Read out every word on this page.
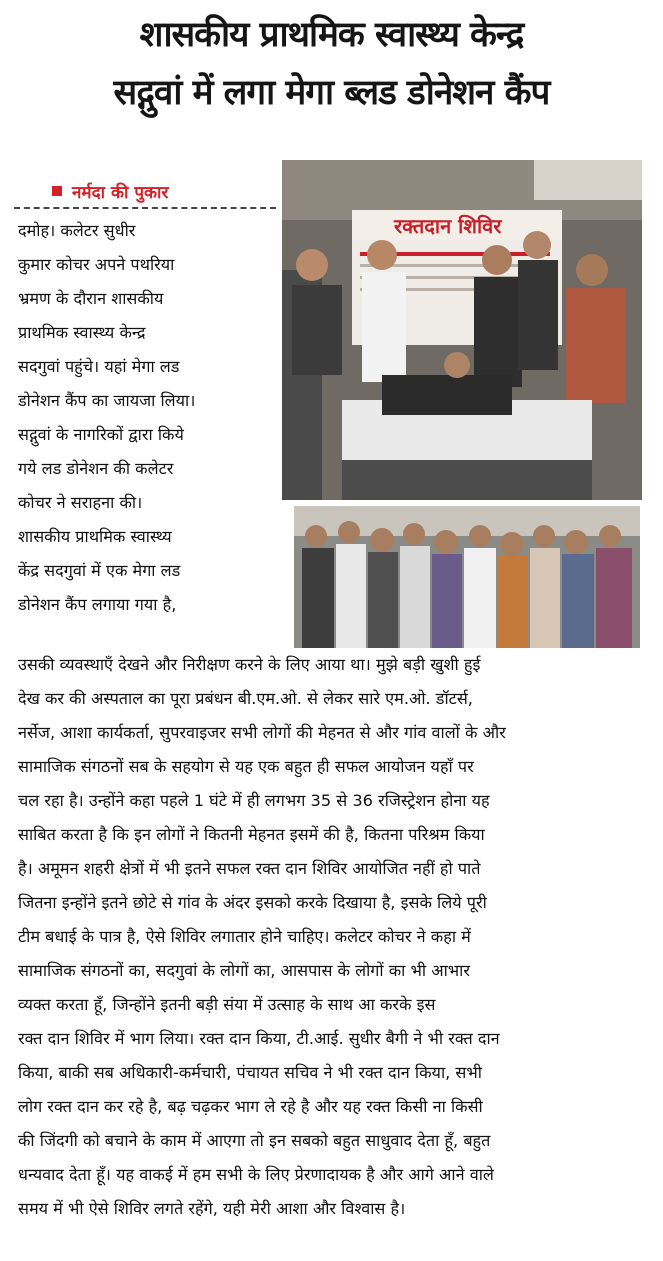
शासकीय प्राथमिक स्वास्थ्य केन्द्र
सद्गुवां में लगा मेगा ब्लड डोनेशन कैंप
नर्मदा की पुकार
दमोह। कलेटर सुधीर
कुमार कोचर अपने पथरिया
भ्रमण के दौरान शासकीय
प्राथमिक स्वास्थ्य केन्द्र
सदगुवां पहुंचे। यहां मेगा लड
डोनेशन कैंप का जायजा लिया।
सद्गुवां के नागरिकों द्वारा किये
गये लड डोनेशन की कलेटर
कोचर ने सराहना की।
शासकीय प्राथमिक स्वास्थ्य
केंद्र सदगुवां में एक मेगा लड
डोनेशन कैंप लगाया गया है,
रक्तदान शिविर
उसकी व्यवस्थाएँ देखने और निरीक्षण करने के लिए आया था। मुझे बड़ी खुशी हुई
देख कर की अस्पताल का पूरा प्रबंधन बी.एम.ओ. से लेकर सारे एम.ओ. डॉटर्स,
नर्सेज, आशा कार्यकर्ता, सुपरवाइजर सभी लोगों की मेहनत से और गांव वालों के और
सामाजिक संगठनों सब के सहयोग से यह एक बहुत ही सफल आयोजन यहाँ पर
चल रहा है। उन्होंने कहा पहले 1 घंटे में ही लगभग 35 से 36 रजिस्ट्रेशन होना यह
साबित करता है कि इन लोगों ने कितनी मेहनत इसमें की है, कितना परिश्रम किया
है। अमूमन शहरी क्षेत्रों में भी इतने सफल रक्त दान शिविर आयोजित नहीं हो पाते
जितना इन्होंने इतने छोटे से गांव के अंदर इसको करके दिखाया है, इसके लिये पूरी
टीम बधाई के पात्र है, ऐसे शिविर लगातार होने चाहिए। कलेटर कोचर ने कहा में
सामाजिक संगठनों का, सदगुवां के लोगों का, आसपास के लोगों का भी आभार
व्यक्त करता हूँ, जिन्होंने इतनी बड़ी संया में उत्साह के साथ आ करके इस
रक्त दान शिविर में भाग लिया। रक्त दान किया, टी.आई. सुधीर बैगी ने भी रक्त दान
किया, बाकी सब अधिकारी-कर्मचारी, पंचायत सचिव ने भी रक्त दान किया, सभी
लोग रक्त दान कर रहे है, बढ़ चढ़कर भाग ले रहे है और यह रक्त किसी ना किसी
की जिंदगी को बचाने के काम में आएगा तो इन सबको बहुत साधुवाद देता हूँ, बहुत
धन्यवाद देता हूँ। यह वाकई में हम सभी के लिए प्रेरणादायक है और आगे आने वाले
समय में भी ऐसे शिविर लगते रहेंगे, यही मेरी आशा और विश्वास है।
